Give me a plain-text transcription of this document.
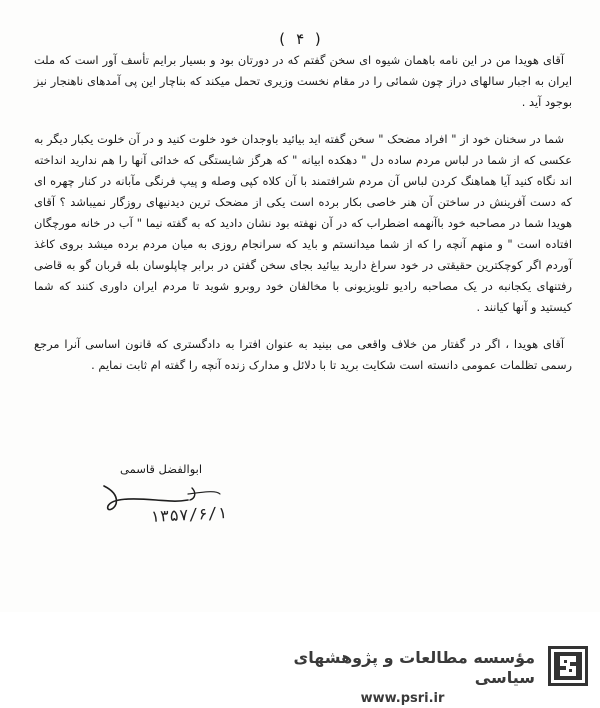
( ۴ )

آقای هویدا من در این نامه باهمان شیوه ای سخن گفتم که در دورتان بود و بسیار برایم تأسف آور است که ملت ایران به اجبار سالهای دراز چون شمائی را در مقام نخست وزیری تحمل میکند که بناچار این پی آمدهای ناهنجار نیز بوجود آید .

شما در سخنان خود از " افراد مضحک " سخن گفته اید بیائید باوجدان خود خلوت کنید و در آن خلوت یکبار دیگر به عکسی که از شما در لباس مردم ساده دل " دهکده ابیانه " که هرگز شایستگی که خدائی آنها را هم ندارید انداخته اند نگاه کنید آیا هماهنگ کردن لباس آن مردم شرافتمند با آن کلاه کپی وصله و پیپ فرنگی مآبانه در کنار چهره ای که دست آفرینش در ساختن آن هنر خاصی بکار برده است یکی از مضحک ترین دیدنیهای روزگار نمیباشد ؟ آقای هویدا شما در مصاحبه خود باآنهمه اضطراب که در آن نهفته بود نشان دادید که به گفته نیما " آب در خانه مورچگان افتاده است " و منهم آنچه را که از شما میدانستم و باید که سرانجام روزی به میان مردم برده میشد بروی کاغذ آوردم اگر کوچکترین حقیقتی در خود سراغ دارید بیائید بجای سخن گفتن در برابر چاپلوسان بله قربان گو به قاضی رفتنهای یکجانبه در یک مصاحبه رادیو تلویزیونی با مخالفان خود روبرو شوید تا مردم ایران داوری کنند که شما کیستید و آنها کیانند .

آقای هویدا ، اگر در گفتار من خلاف واقعی می بینید به عنوان افترا به دادگستری که قانون اساسی آنرا مرجع رسمی تظلمات عمومی دانسته است شکایت برید تا با دلائل و مدارک زنده آنچه را گفته ام ثابت نمایم .

ابوالفضل قاسمی
۱۳۵۷/۶/۱
مؤسسه مطالعات و پژوهشهای سیاسی
www.psri.ir
